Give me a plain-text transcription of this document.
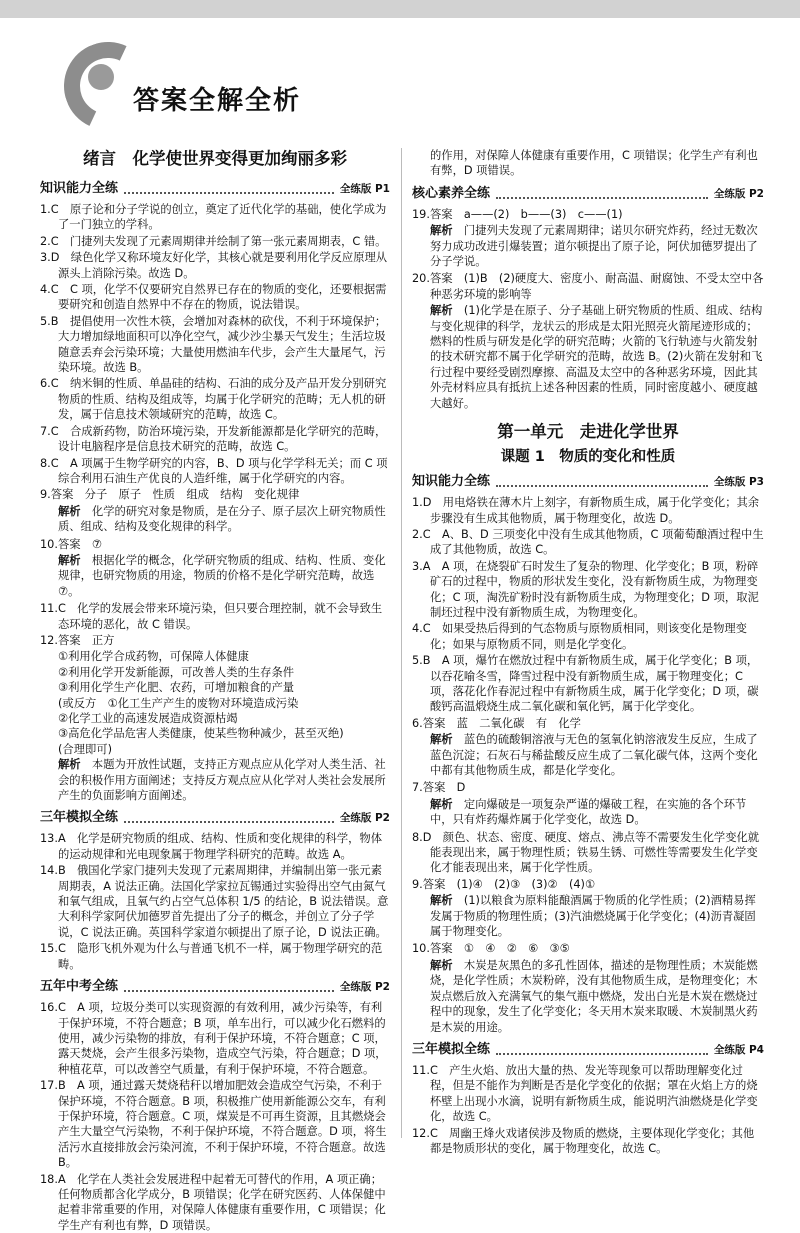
答案全解全析
绪言　化学使世界变得更加绚丽多彩
知识能力全练	全练版 P1

1.C　原子论和分子学说的创立，奠定了近代化学的基础，使化学成为了一门独立的学科。

2.C　门捷列夫发现了元素周期律并绘制了第一张元素周期表，C 错。

3.D　绿色化学又称环境友好化学，其核心就是要利用化学反应原理从源头上消除污染。故选 D。

4.C　C 项，化学不仅要研究自然界已存在的物质的变化，还要根据需要研究和创造自然界中不存在的物质，说法错误。

5.B　提倡使用一次性木筷，会增加对森林的砍伐，不利于环境保护；大力增加绿地面积可以净化空气，减少沙尘暴天气发生；生活垃圾随意丢弃会污染环境；大量使用燃油车代步，会产生大量尾气，污染环境。故选 B。

6.C　纳米铜的性质、单晶硅的结构、石油的成分及产品开发分别研究物质的性质、结构及组成等，均属于化学研究的范畴；无人机的研发，属于信息技术领域研究的范畴，故选 C。

7.C　合成新药物，防治环境污染，开发新能源都是化学研究的范畴，设计电脑程序是信息技术研究的范畴，故选 C。

8.C　A 项属于生物学研究的内容，B、D 项与化学学科无关；而 C 项综合利用石油生产优良的人造纤维，属于化学研究的内容。

9.答案　分子　原子　性质　组成　结构　变化规律

解析　 化学的研究对象是物质，是在分子、原子层次上研究物质性质、组成、结构及变化规律的科学。

10.答案　⑦

解析　 根据化学的概念，化学研究物质的组成、结构、性质、变化规律，也研究物质的用途，物质的价格不是化学研究范畴，故选⑦。

11.C　化学的发展会带来环境污染，但只要合理控制，就不会导致生态环境的恶化，故 C 错误。

12.答案　正方

①利用化学合成药物，可保障人体健康

②利用化学开发新能源，可改善人类的生存条件

③利用化学生产化肥、农药，可增加粮食的产量

(或反方　①化工生产产生的废物对环境造成污染

②化学工业的高速发展造成资源枯竭

③高危化学品危害人类健康，使某些物种减少，甚至灭绝)

(合理即可)

解析　 本题为开放性试题，支持正方观点应从化学对人类生活、社会的积极作用方面阐述；支持反方观点应从化学对人类社会发展所产生的负面影响方面阐述。

三年模拟全练	全练版 P2

13.A　化学是研究物质的组成、结构、性质和变化规律的科学，物体的运动规律和光电现象属于物理学科研究的范畴。故选 A。

14.B　俄国化学家门捷列夫发现了元素周期律，并编制出第一张元素周期表，A 说法正确。法国化学家拉瓦锡通过实验得出空气由氮气和氧气组成，且氧气约占空气总体积 1/5 的结论，B 说法错误。意大利科学家阿伏加德罗首先提出了分子的概念，并创立了分子学说，C 说法正确。英国科学家道尔顿提出了原子论，D 说法正确。

15.C　隐形飞机外观为什么与普通飞机不一样，属于物理学研究的范畴。

五年中考全练	全练版 P2

16.C　A 项，垃圾分类可以实现资源的有效利用，减少污染等，有利于保护环境，不符合题意；B 项，单车出行，可以减少化石燃料的使用，减少污染物的排放，有利于保护环境，不符合题意；C 项，露天焚烧，会产生很多污染物，造成空气污染，符合题意；D 项，种植花草，可以改善空气质量，有利于保护环境，不符合题意。

17.B　A 项，通过露天焚烧秸秆以增加肥效会造成空气污染，不利于保护环境，不符合题意。B 项，积极推广使用新能源公交车，有利于保护环境，符合题意。C 项，煤炭是不可再生资源，且其燃烧会产生大量空气污染物，不利于保护环境，不符合题意。D 项，将生活污水直接排放会污染河流，不利于保护环境，不符合题意。故选 B。

18.A　化学在人类社会发展进程中起着无可替代的作用，A 项正确；任何物质都含化学成分，B 项错误；化学在研究医药、人体保健中起着非常重要的作用，对保障人体健康有重要作用，C 项错误；化学生产有利也有弊，D 项错误。

的作用，对保障人体健康有重要作用，C 项错误；化学生产有利也有弊，D 项错误。

核心素养全练	全练版 P2

19.答案　a——(2)　b——(3)　c——(1)

解析　 门捷列夫发现了元素周期律；诺贝尔研究炸药，经过无数次努力成功改进引爆装置；道尔顿提出了原子论，阿伏加德罗提出了分子学说。

20.答案　(1)B　(2)硬度大、密度小、耐高温、耐腐蚀、不受太空中各种恶劣环境的影响等

解析　 (1)化学是在原子、分子基础上研究物质的性质、组成、结构与变化规律的科学，龙状云的形成是太阳光照亮火箭尾迹形成的；燃料的性质与研发是化学的研究范畴；火箭的飞行轨迹与火箭发射的技术研究都不属于化学研究的范畴，故选 B。(2)火箭在发射和飞行过程中要经受剧烈摩擦、高温及太空中的各种恶劣环境，因此其外壳材料应具有抵抗上述各种因素的性质，同时密度越小、硬度越大越好。

第一单元　走进化学世界
课题 1　物质的变化和性质
知识能力全练	全练版 P3

1.D　用电烙铁在薄木片上刻字，有新物质生成，属于化学变化；其余步骤没有生成其他物质，属于物理变化，故选 D。

2.C　A、B、D 三项变化中没有生成其他物质，C 项葡萄酿酒过程中生成了其他物质，故选 C。

3.A　A 项，在烧裂矿石时发生了复杂的物理、化学变化；B 项，粉碎矿石的过程中，物质的形状发生变化，没有新物质生成，为物理变化；C 项，淘洗矿粉时没有新物质生成，为物理变化；D 项，取泥制坯过程中没有新物质生成，为物理变化。

4.C　如果受热后得到的气态物质与原物质相同，则该变化是物理变化；如果与原物质不同，则是化学变化。

5.B　A 项，爆竹在燃放过程中有新物质生成，属于化学变化；B 项，以吞花喻冬雪，降雪过程中没有新物质生成，属于物理变化；C 项，落花化作春泥过程中有新物质生成，属于化学变化；D 项，碳酸钙高温煅烧生成二氧化碳和氧化钙，属于化学变化。

6.答案　蓝　二氧化碳　有　化学

解析　 蓝色的硫酸铜溶液与无色的氢氧化钠溶液发生反应，生成了蓝色沉淀；石灰石与稀盐酸反应生成了二氧化碳气体，这两个变化中都有其他物质生成，都是化学变化。

7.答案　D

解析　 定向爆破是一项复杂严谨的爆破工程，在实施的各个环节中，只有炸药爆炸属于化学变化，故选 D。

8.D　颜色、状态、密度、硬度、熔点、沸点等不需要发生化学变化就能表现出来，属于物理性质；铁易生锈、可燃性等需要发生化学变化才能表现出来，属于化学性质。

9.答案　(1)④　(2)③　(3)②　(4)①

解析　 (1)以粮食为原料能酿酒属于物质的化学性质；(2)酒精易挥发属于物质的物理性质；(3)汽油燃烧属于化学变化；(4)沥青凝固属于物理变化。

10.答案　①　④　②　⑥　③⑤

解析　 木炭是灰黑色的多孔性固体，描述的是物理性质；木炭能燃烧，是化学性质；木炭粉碎，没有其他物质生成，是物理变化；木炭点燃后放入充满氧气的集气瓶中燃烧，发出白光是木炭在燃烧过程中的现象，发生了化学变化；冬天用木炭来取暖、木炭制黑火药是木炭的用途。

三年模拟全练	全练版 P4

11.C　产生火焰、放出大量的热、发光等现象可以帮助理解变化过程，但是不能作为判断是否是化学变化的依据；罩在火焰上方的烧杯壁上出现小水滴，说明有新物质生成，能说明汽油燃烧是化学变化，故选 C。

12.C　周幽王烽火戏诸侯涉及物质的燃烧，主要体现化学变化；其他都是物质形状的变化，属于物理变化，故选 C。
